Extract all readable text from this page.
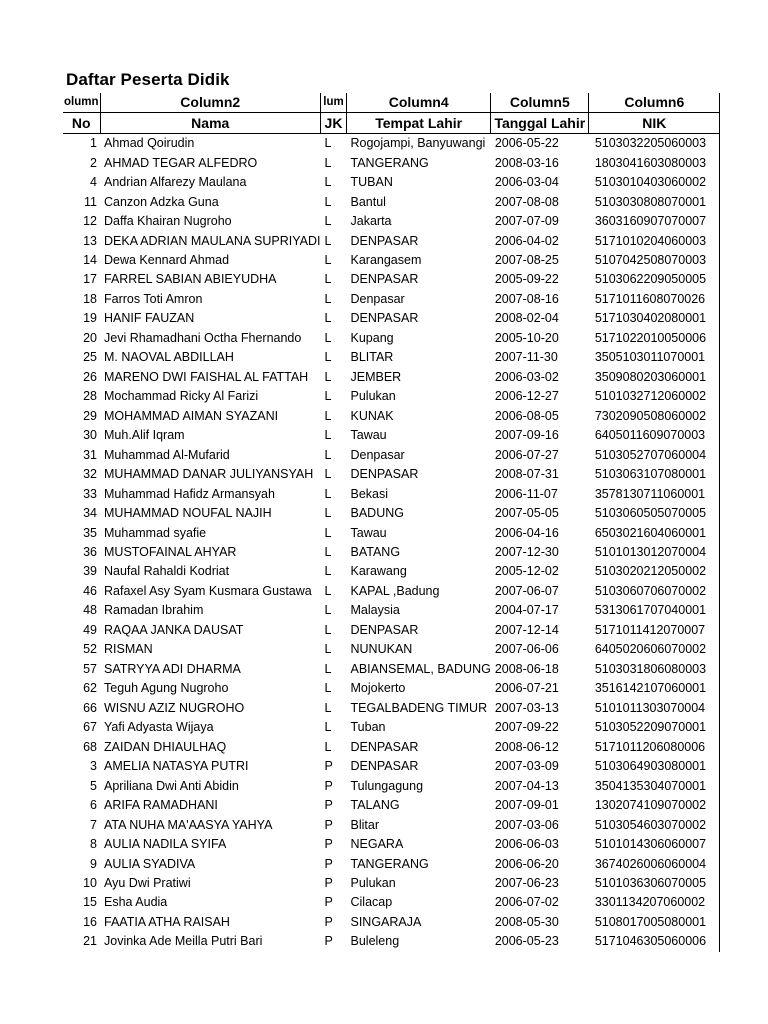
Daftar Peserta Didik
olumn	Column2	lum	Column4	Column5	Column6
No	Nama	JK	Tempat Lahir	Tanggal Lahir	NIK
1	Ahmad Qoirudin	L	Rogojampi, Banyuwangi	2006-05-22	5103032205060003
2	AHMAD TEGAR ALFEDRO	L	TANGERANG	2008-03-16	1803041603080003
4	Andrian Alfarezy Maulana	L	TUBAN	2006-03-04	5103010403060002
11	Canzon Adzka Guna	L	Bantul	2007-08-08	5103030808070001
12	Daffa Khairan Nugroho	L	Jakarta	2007-07-09	3603160907070007
13	DEKA ADRIAN MAULANA SUPRIYADI	L	DENPASAR	2006-04-02	5171010204060003
14	Dewa Kennard Ahmad	L	Karangasem	2007-08-25	5107042508070003
17	FARREL SABIAN ABIEYUDHA	L	DENPASAR	2005-09-22	5103062209050005
18	Farros Toti Amron	L	Denpasar	2007-08-16	5171011608070026
19	HANIF FAUZAN	L	DENPASAR	2008-02-04	5171030402080001
20	Jevi Rhamadhani Octha Fhernando	L	Kupang	2005-10-20	5171022010050006
25	M. NAOVAL ABDILLAH	L	BLITAR	2007-11-30	3505103011070001
26	MARENO DWI FAISHAL AL FATTAH	L	JEMBER	2006-03-02	3509080203060001
28	Mochammad Ricky Al Farizi	L	Pulukan	2006-12-27	5101032712060002
29	MOHAMMAD AIMAN SYAZANI	L	KUNAK	2006-08-05	7302090508060002
30	Muh.Alif Iqram	L	Tawau	2007-09-16	6405011609070003
31	Muhammad Al-Mufarid	L	Denpasar	2006-07-27	5103052707060004
32	MUHAMMAD DANAR JULIYANSYAH	L	DENPASAR	2008-07-31	5103063107080001
33	Muhammad Hafidz Armansyah	L	Bekasi	2006-11-07	3578130711060001
34	MUHAMMAD NOUFAL NAJIH	L	BADUNG	2007-05-05	5103060505070005
35	Muhammad syafie	L	Tawau	2006-04-16	6503021604060001
36	MUSTOFAINAL AHYAR	L	BATANG	2007-12-30	5101013012070004
39	Naufal Rahaldi Kodriat	L	Karawang	2005-12-02	5103020212050002
46	Rafaxel Asy Syam Kusmara Gustawa	L	KAPAL ,Badung	2007-06-07	5103060706070002
48	Ramadan Ibrahim	L	Malaysia	2004-07-17	5313061707040001
49	RAQAA JANKA DAUSAT	L	DENPASAR	2007-12-14	5171011412070007
52	RISMAN	L	NUNUKAN	2007-06-06	6405020606070002
57	SATRYYA ADI DHARMA	L	ABIANSEMAL, BADUNG	2008-06-18	5103031806080003
62	Teguh Agung Nugroho	L	Mojokerto	2006-07-21	3516142107060001
66	WISNU AZIZ NUGROHO	L	TEGALBADENG TIMUR	2007-03-13	5101011303070004
67	Yafi Adyasta Wijaya	L	Tuban	2007-09-22	5103052209070001
68	ZAIDAN DHIAULHAQ	L	DENPASAR	2008-06-12	5171011206080006
3	AMELIA NATASYA PUTRI	P	DENPASAR	2007-03-09	5103064903080001
5	Apriliana Dwi Anti Abidin	P	Tulungagung	2007-04-13	3504135304070001
6	ARIFA RAMADHANI	P	TALANG	2007-09-01	1302074109070002
7	ATA NUHA MA'AASYA YAHYA	P	Blitar	2007-03-06	5103054603070002
8	AULIA NADILA SYIFA	P	NEGARA	2006-06-03	5101014306060007
9	AULIA SYADIVA	P	TANGERANG	2006-06-20	3674026006060004
10	Ayu Dwi Pratiwi	P	Pulukan	2007-06-23	5101036306070005
15	Esha Audia	P	Cilacap	2006-07-02	3301134207060002
16	FAATIA ATHA RAISAH	P	SINGARAJA	2008-05-30	5108017005080001
21	Jovinka Ade Meilla Putri Bari	P	Buleleng	2006-05-23	5171046305060006
